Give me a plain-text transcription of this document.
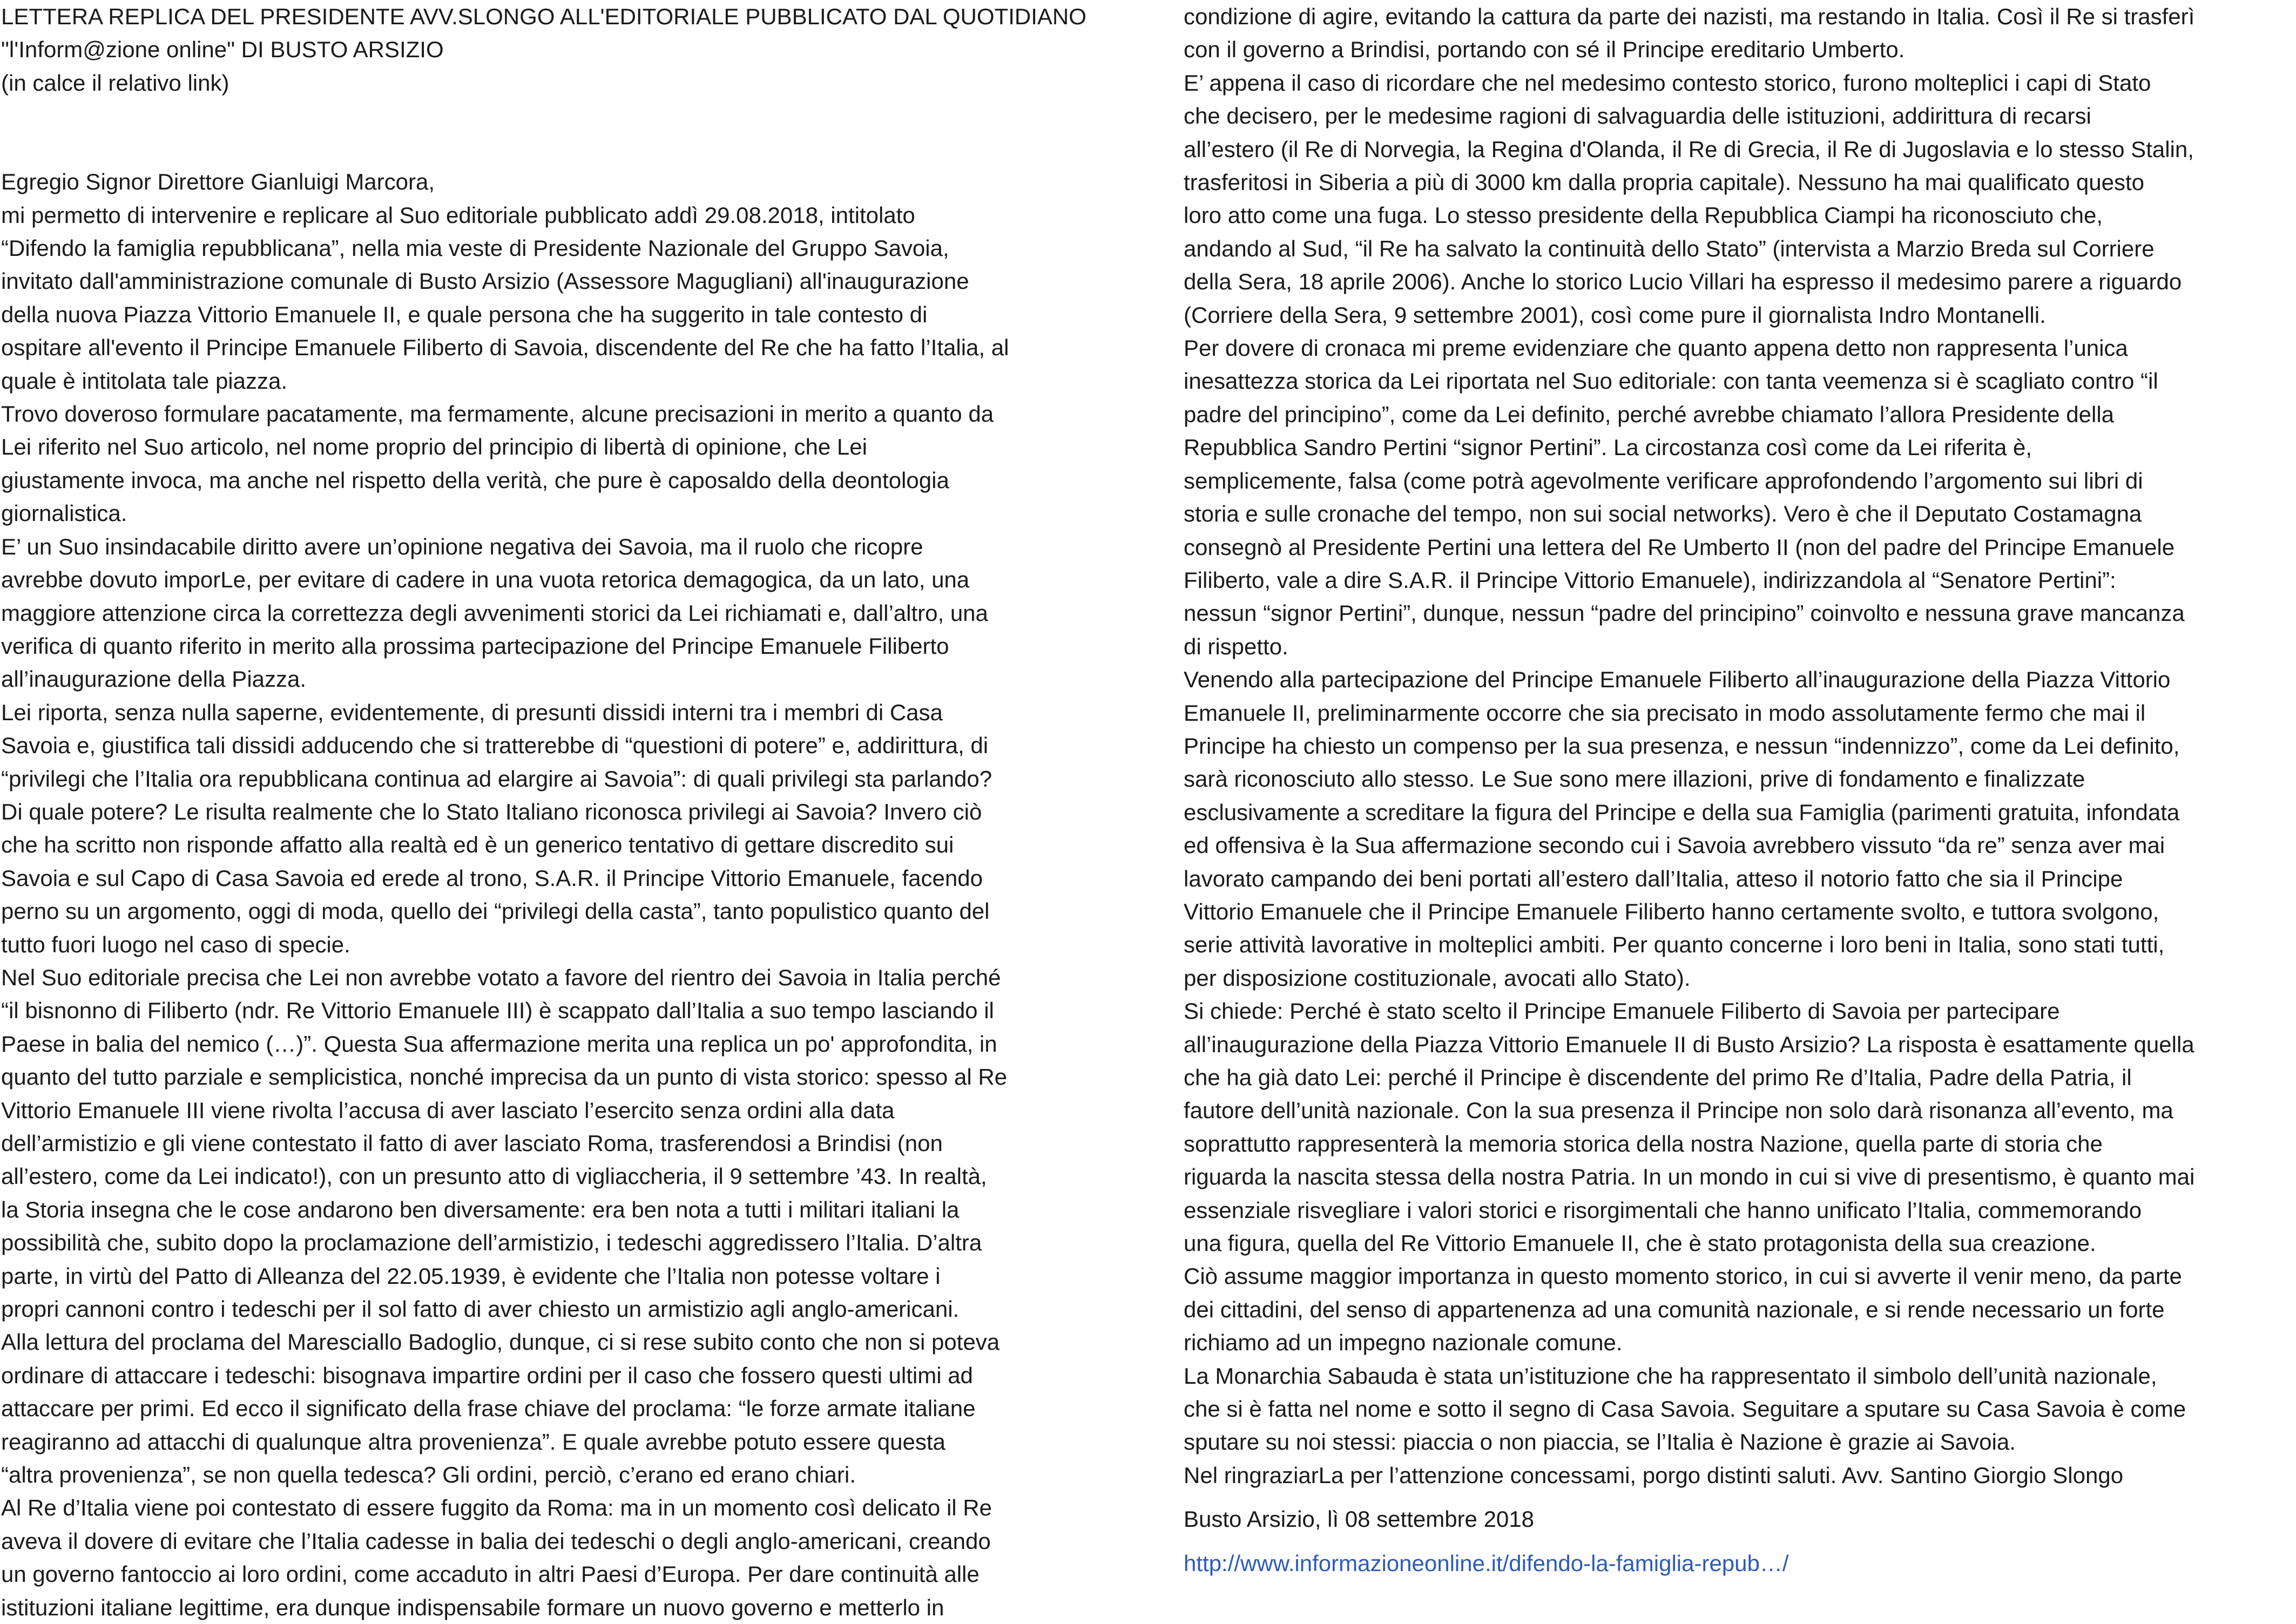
LETTERA REPLICA DEL PRESIDENTE AVV.SLONGO ALL'EDITORIALE PUBBLICATO DAL QUOTIDIANO

"l'Inform@zione online" DI BUSTO ARSIZIO

(in calce il relativo link)

Egregio Signor Direttore Gianluigi Marcora,

mi permetto di intervenire e replicare al Suo editoriale pubblicato addì 29.08.2018, intitolato

“Difendo la famiglia repubblicana”, nella mia veste di Presidente Nazionale del Gruppo Savoia,

invitato dall'amministrazione comunale di Busto Arsizio (Assessore Magugliani) all'inaugurazione

della nuova Piazza Vittorio Emanuele II, e quale persona che ha suggerito in tale contesto di

ospitare all'evento il Principe Emanuele Filiberto di Savoia, discendente del Re che ha fatto l’Italia, al

quale è intitolata tale piazza.

Trovo doveroso formulare pacatamente, ma fermamente, alcune precisazioni in merito a quanto da

Lei riferito nel Suo articolo, nel nome proprio del principio di libertà di opinione, che Lei

giustamente invoca, ma anche nel rispetto della verità, che pure è caposaldo della deontologia

giornalistica.

E’ un Suo insindacabile diritto avere un’opinione negativa dei Savoia, ma il ruolo che ricopre

avrebbe dovuto imporLe, per evitare di cadere in una vuota retorica demagogica, da un lato, una

maggiore attenzione circa la correttezza degli avvenimenti storici da Lei richiamati e, dall’altro, una

verifica di quanto riferito in merito alla prossima partecipazione del Principe Emanuele Filiberto

all’inaugurazione della Piazza.

Lei riporta, senza nulla saperne, evidentemente, di presunti dissidi interni tra i membri di Casa

Savoia e, giustifica tali dissidi adducendo che si tratterebbe di “questioni di potere” e, addirittura, di

“privilegi che l’Italia ora repubblicana continua ad elargire ai Savoia”: di quali privilegi sta parlando?

Di quale potere? Le risulta realmente che lo Stato Italiano riconosca privilegi ai Savoia? Invero ciò

che ha scritto non risponde affatto alla realtà ed è un generico tentativo di gettare discredito sui

Savoia e sul Capo di Casa Savoia ed erede al trono, S.A.R. il Principe Vittorio Emanuele, facendo

perno su un argomento, oggi di moda, quello dei “privilegi della casta”, tanto populistico quanto del

tutto fuori luogo nel caso di specie.

Nel Suo editoriale precisa che Lei non avrebbe votato a favore del rientro dei Savoia in Italia perché

“il bisnonno di Filiberto (ndr. Re Vittorio Emanuele III) è scappato dall’Italia a suo tempo lasciando il

Paese in balia del nemico (…)”. Questa Sua affermazione merita una replica un po' approfondita, in

quanto del tutto parziale e semplicistica, nonché imprecisa da un punto di vista storico: spesso al Re

Vittorio Emanuele III viene rivolta l’accusa di aver lasciato l’esercito senza ordini alla data

dell’armistizio e gli viene contestato il fatto di aver lasciato Roma, trasferendosi a Brindisi (non

all’estero, come da Lei indicato!), con un presunto atto di vigliaccheria, il 9 settembre ’43. In realtà,

la Storia insegna che le cose andarono ben diversamente: era ben nota a tutti i militari italiani la

possibilità che, subito dopo la proclamazione dell’armistizio, i tedeschi aggredissero l’Italia. D’altra

parte, in virtù del Patto di Alleanza del 22.05.1939, è evidente che l’Italia non potesse voltare i

propri cannoni contro i tedeschi per il sol fatto di aver chiesto un armistizio agli anglo-americani.

Alla lettura del proclama del Maresciallo Badoglio, dunque, ci si rese subito conto che non si poteva

ordinare di attaccare i tedeschi: bisognava impartire ordini per il caso che fossero questi ultimi ad

attaccare per primi. Ed ecco il significato della frase chiave del proclama: “le forze armate italiane

reagiranno ad attacchi di qualunque altra provenienza”. E quale avrebbe potuto essere questa

“altra provenienza”, se non quella tedesca? Gli ordini, perciò, c’erano ed erano chiari.

Al Re d’Italia viene poi contestato di essere fuggito da Roma: ma in un momento così delicato il Re

aveva il dovere di evitare che l’Italia cadesse in balia dei tedeschi o degli anglo-americani, creando

un governo fantoccio ai loro ordini, come accaduto in altri Paesi d’Europa. Per dare continuità alle

istituzioni italiane legittime, era dunque indispensabile formare un nuovo governo e metterlo in

condizione di agire, evitando la cattura da parte dei nazisti, ma restando in Italia. Così il Re si trasferì

con il governo a Brindisi, portando con sé il Principe ereditario Umberto.

E’ appena il caso di ricordare che nel medesimo contesto storico, furono molteplici i capi di Stato

che decisero, per le medesime ragioni di salvaguardia delle istituzioni, addirittura di recarsi

all’estero (il Re di Norvegia, la Regina d'Olanda, il Re di Grecia, il Re di Jugoslavia e lo stesso Stalin,

trasferitosi in Siberia a più di 3000 km dalla propria capitale). Nessuno ha mai qualificato questo

loro atto come una fuga. Lo stesso presidente della Repubblica Ciampi ha riconosciuto che,

andando al Sud, “il Re ha salvato la continuità dello Stato” (intervista a Marzio Breda sul Corriere

della Sera, 18 aprile 2006). Anche lo storico Lucio Villari ha espresso il medesimo parere a riguardo

(Corriere della Sera, 9 settembre 2001), così come pure il giornalista Indro Montanelli.

Per dovere di cronaca mi preme evidenziare che quanto appena detto non rappresenta l’unica

inesattezza storica da Lei riportata nel Suo editoriale: con tanta veemenza si è scagliato contro “il

padre del principino”, come da Lei definito, perché avrebbe chiamato l’allora Presidente della

Repubblica Sandro Pertini “signor Pertini”. La circostanza così come da Lei riferita è,

semplicemente, falsa (come potrà agevolmente verificare approfondendo l’argomento sui libri di

storia e sulle cronache del tempo, non sui social networks). Vero è che il Deputato Costamagna

consegnò al Presidente Pertini una lettera del Re Umberto II (non del padre del Principe Emanuele

Filiberto, vale a dire S.A.R. il Principe Vittorio Emanuele), indirizzandola al “Senatore Pertini”:

nessun “signor Pertini”, dunque, nessun “padre del principino” coinvolto e nessuna grave mancanza

di rispetto.

Venendo alla partecipazione del Principe Emanuele Filiberto all’inaugurazione della Piazza Vittorio

Emanuele II, preliminarmente occorre che sia precisato in modo assolutamente fermo che mai il

Principe ha chiesto un compenso per la sua presenza, e nessun “indennizzo”, come da Lei definito,

sarà riconosciuto allo stesso. Le Sue sono mere illazioni, prive di fondamento e finalizzate

esclusivamente a screditare la figura del Principe e della sua Famiglia (parimenti gratuita, infondata

ed offensiva è la Sua affermazione secondo cui i Savoia avrebbero vissuto “da re” senza aver mai

lavorato campando dei beni portati all’estero dall’Italia, atteso il notorio fatto che sia il Principe

Vittorio Emanuele che il Principe Emanuele Filiberto hanno certamente svolto, e tuttora svolgono,

serie attività lavorative in molteplici ambiti. Per quanto concerne i loro beni in Italia, sono stati tutti,

per disposizione costituzionale, avocati allo Stato).

Si chiede: Perché è stato scelto il Principe Emanuele Filiberto di Savoia per partecipare

all’inaugurazione della Piazza Vittorio Emanuele II di Busto Arsizio? La risposta è esattamente quella

che ha già dato Lei: perché il Principe è discendente del primo Re d’Italia, Padre della Patria, il

fautore dell’unità nazionale. Con la sua presenza il Principe non solo darà risonanza all’evento, ma

soprattutto rappresenterà la memoria storica della nostra Nazione, quella parte di storia che

riguarda la nascita stessa della nostra Patria. In un mondo in cui si vive di presentismo, è quanto mai

essenziale risvegliare i valori storici e risorgimentali che hanno unificato l’Italia, commemorando

una figura, quella del Re Vittorio Emanuele II, che è stato protagonista della sua creazione.

Ciò assume maggior importanza in questo momento storico, in cui si avverte il venir meno, da parte

dei cittadini, del senso di appartenenza ad una comunità nazionale, e si rende necessario un forte

richiamo ad un impegno nazionale comune.

La Monarchia Sabauda è stata un’istituzione che ha rappresentato il simbolo dell’unità nazionale,

che si è fatta nel nome e sotto il segno di Casa Savoia. Seguitare a sputare su Casa Savoia è come

sputare su noi stessi: piaccia o non piaccia, se l’Italia è Nazione è grazie ai Savoia.

Nel ringraziarLa per l’attenzione concessami, porgo distinti saluti. Avv. Santino Giorgio Slongo

Busto Arsizio, lì 08 settembre 2018

http://www.informazioneonline.it/difendo-la-famiglia-repub…/
